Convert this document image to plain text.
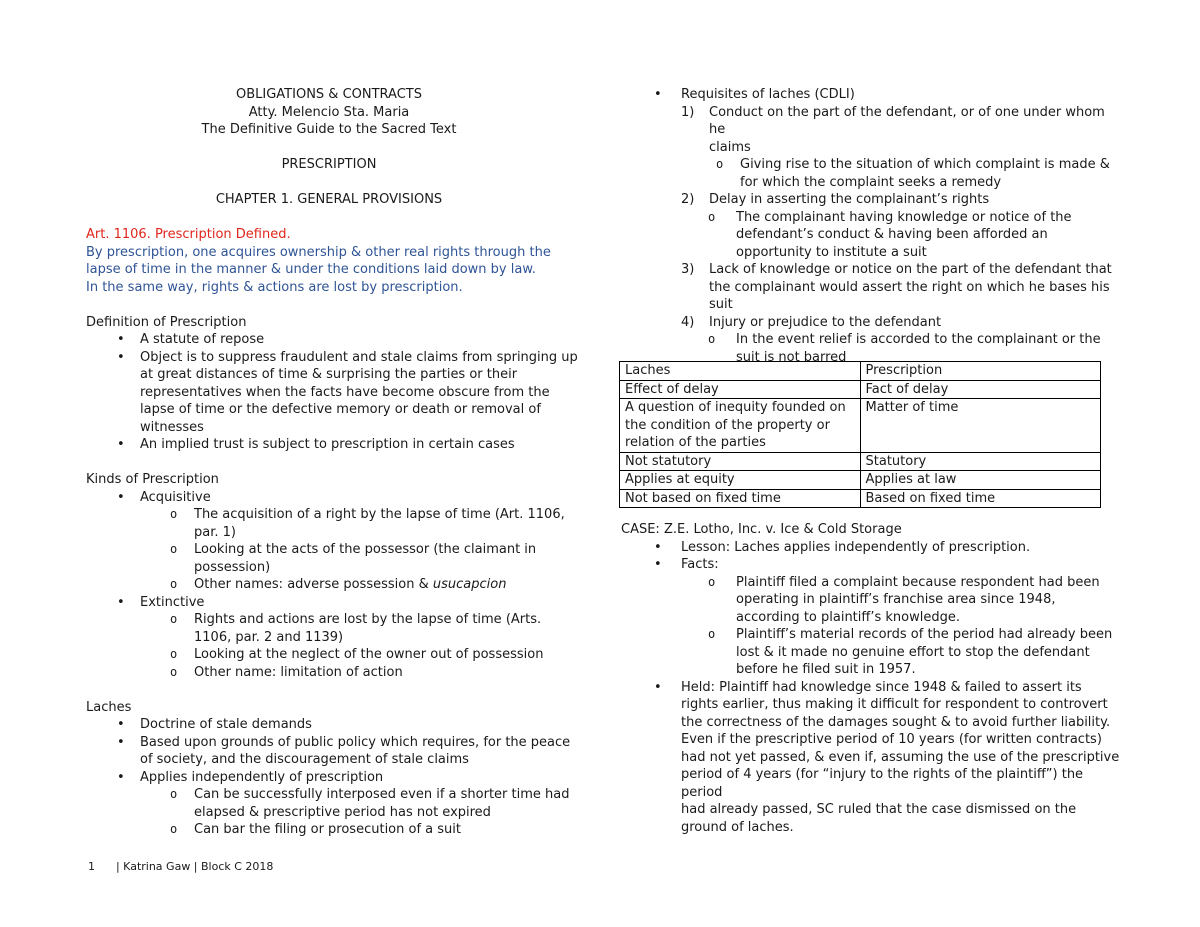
OBLIGATIONS & CONTRACTS
Atty. Melencio Sta. Maria
The Definitive Guide to the Sacred Text
PRESCRIPTION
CHAPTER 1. GENERAL PROVISIONS
Art. 1106. Prescription Defined.
By prescription, one acquires ownership & other real rights through the
lapse of time in the manner & under the conditions laid down by law.
In the same way, rights & actions are lost by prescription.
Definition of Prescription
• A statute of repose
• Object is to suppress fraudulent and stale claims from springing up
at great distances of time & surprising the parties or their
representatives when the facts have become obscure from the
lapse of time or the defective memory or death or removal of
witnesses
• An implied trust is subject to prescription in certain cases
Kinds of Prescription
• Acquisitive
o The acquisition of a right by the lapse of time (Art. 1106,
par. 1)
o Looking at the acts of the possessor (the claimant in
possession)
o Other names: adverse possession & usucapcion
• Extinctive
o Rights and actions are lost by the lapse of time (Arts.
1106, par. 2 and 1139)
o Looking at the neglect of the owner out of possession
o Other name: limitation of action
Laches
• Doctrine of stale demands
• Based upon grounds of public policy which requires, for the peace
of society, and the discouragement of stale claims
• Applies independently of prescription
o Can be successfully interposed even if a shorter time had
elapsed & prescriptive period has not expired
o Can bar the filing or prosecution of a suit
• Requisites of laches (CDLI)
1) Conduct on the part of the defendant, or of one under whom he
claims
o Giving rise to the situation of which complaint is made &
for which the complaint seeks a remedy
2) Delay in asserting the complainant’s rights
o The complainant having knowledge or notice of the
defendant’s conduct & having been afforded an
opportunity to institute a suit
3) Lack of knowledge or notice on the part of the defendant that
the complainant would assert the right on which he bases his
suit
4) Injury or prejudice to the defendant
o In the event relief is accorded to the complainant or the
suit is not barred
Laches	Prescription

Effect of delay	Fact of delay

A question of inequity founded on
the condition of the property or
relation of the parties	Matter of time

Not statutory	Statutory

Applies at equity	Applies at law

Not based on fixed time	Based on fixed time
CASE: Z.E. Lotho, Inc. v. Ice & Cold Storage
• Lesson: Laches applies independently of prescription.
• Facts:
o Plaintiff filed a complaint because respondent had been
operating in plaintiff’s franchise area since 1948,
according to plaintiff’s knowledge.
o Plaintiff’s material records of the period had already been
lost & it made no genuine effort to stop the defendant
before he filed suit in 1957.
• Held: Plaintiff had knowledge since 1948 & failed to assert its
rights earlier, thus making it difficult for respondent to controvert
the correctness of the damages sought & to avoid further liability.
Even if the prescriptive period of 10 years (for written contracts)
had not yet passed, & even if, assuming the use of the prescriptive
period of 4 years (for “injury to the rights of the plaintiff”) the period
had already passed, SC ruled that the case dismissed on the
ground of laches.
1 | Katrina Gaw | Block C 2018
